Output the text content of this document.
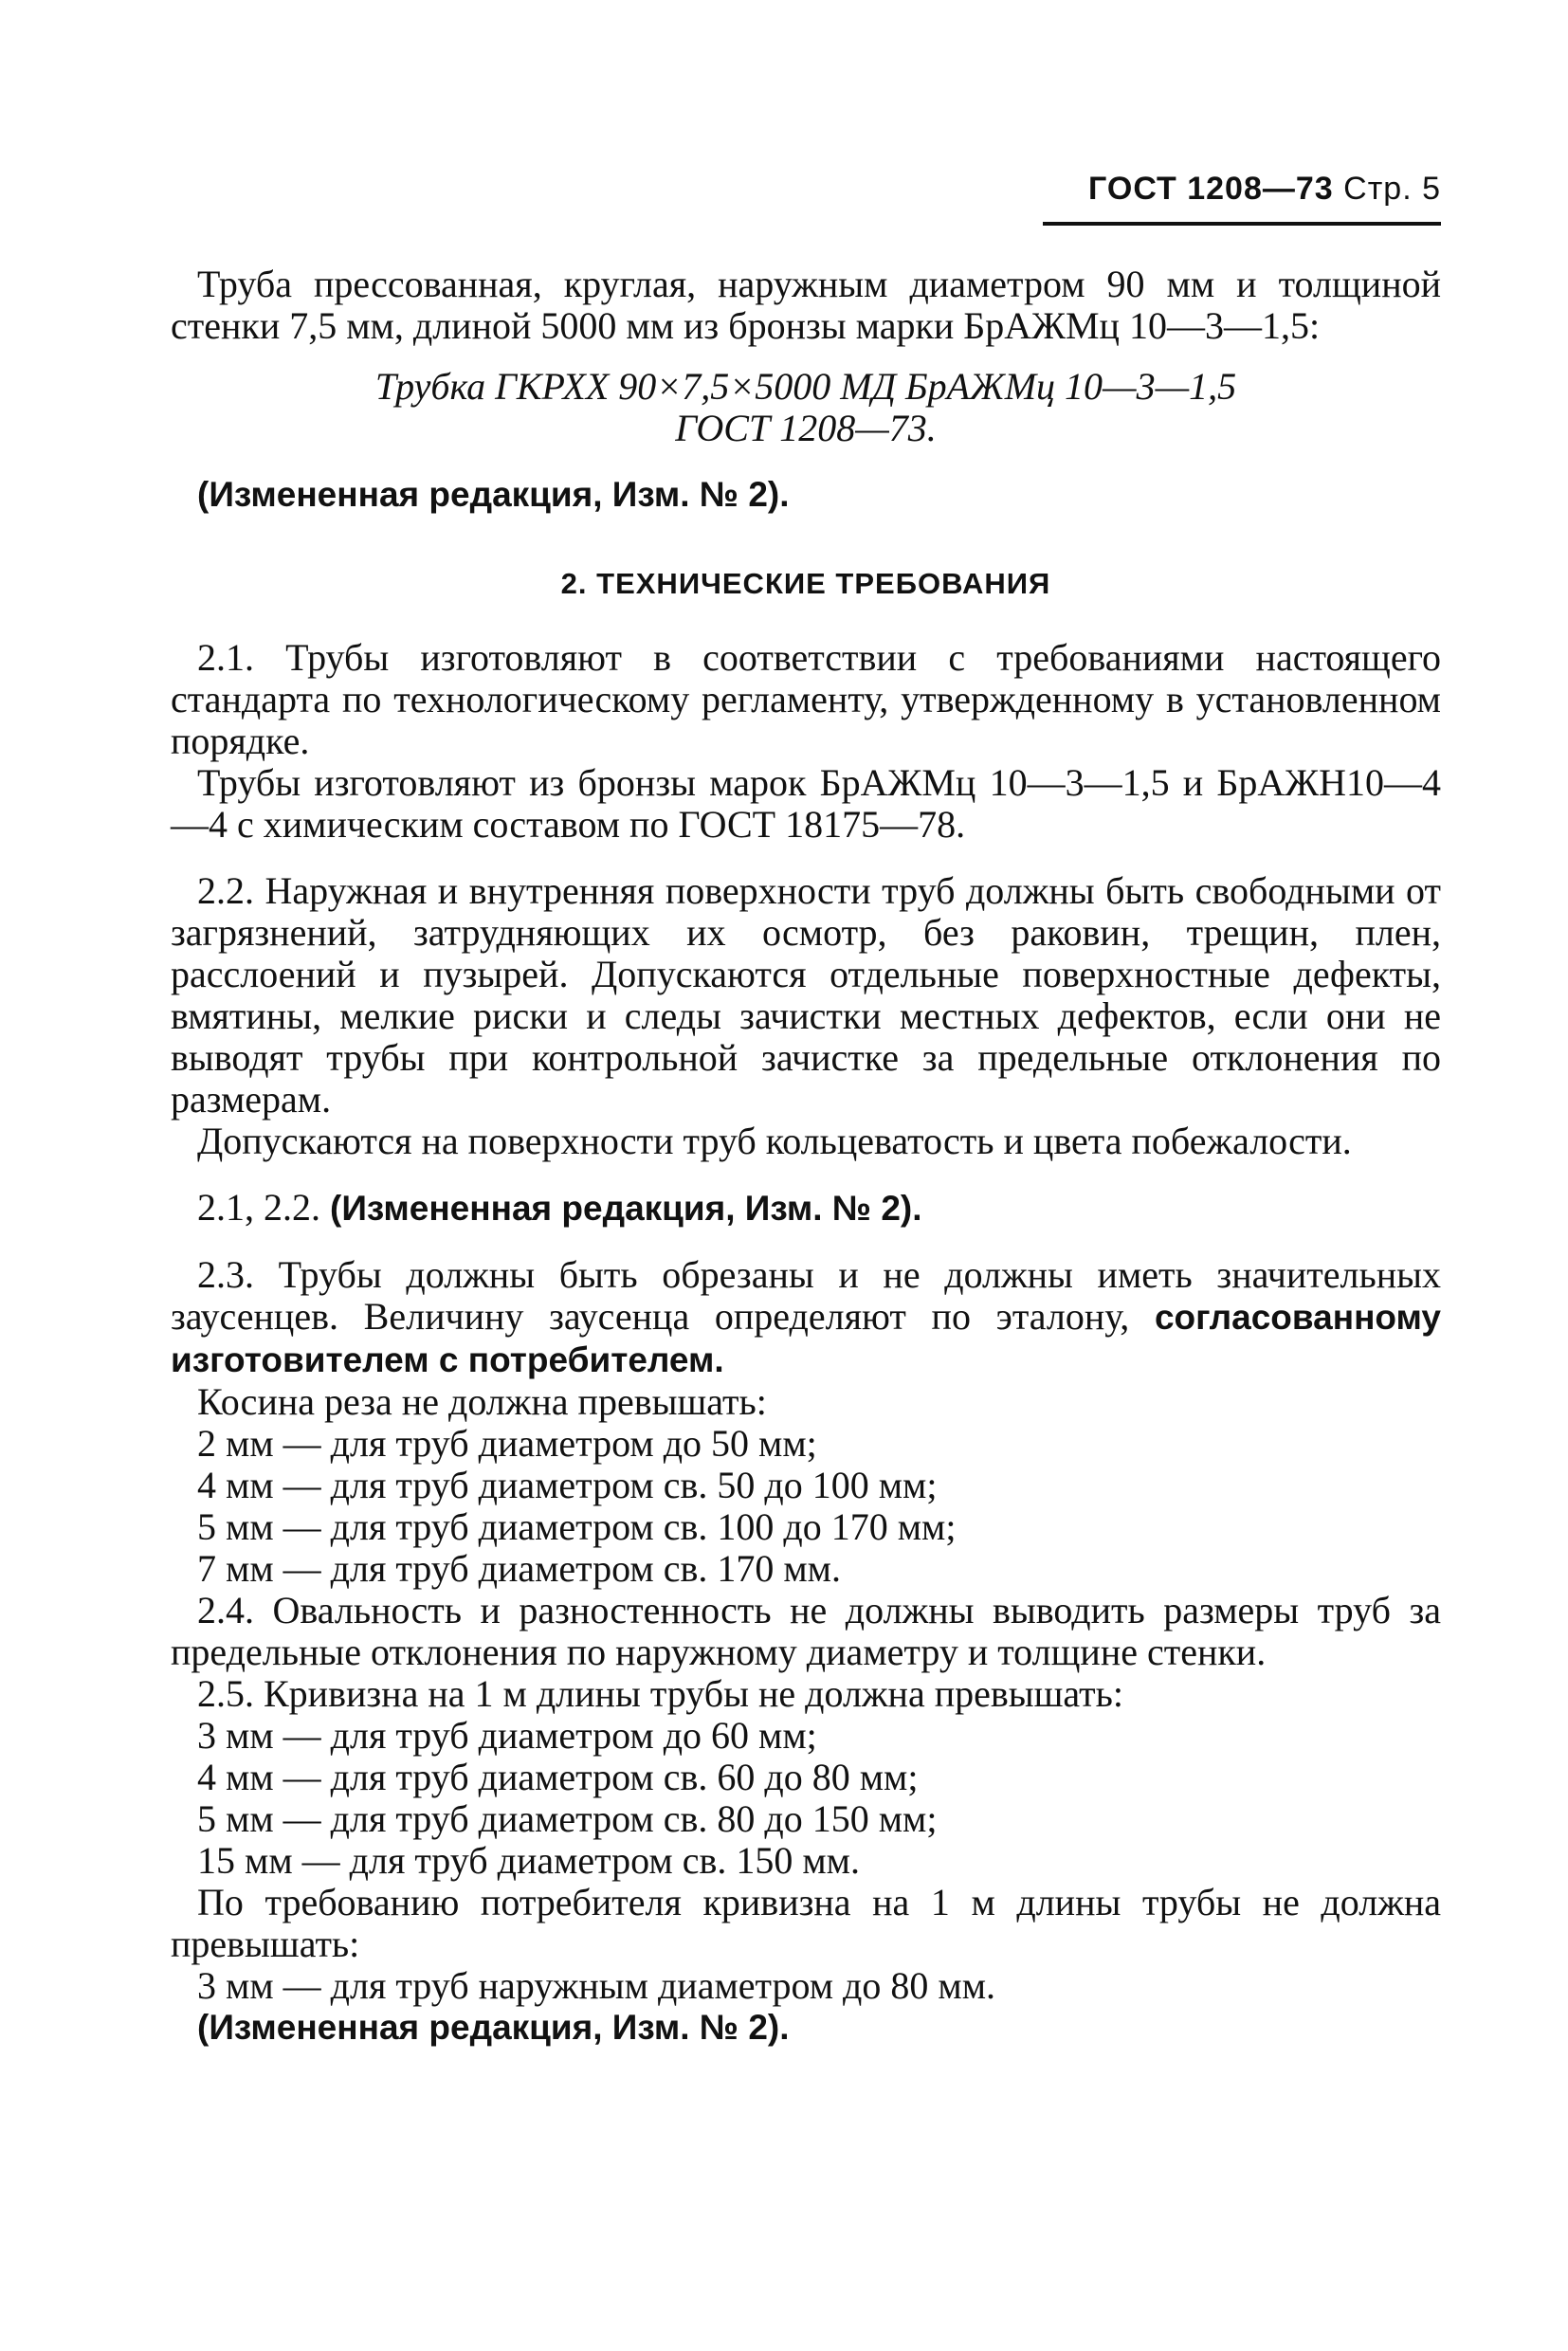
ГОСТ 1208—73 Стр. 5

Труба прессованная, круглая, наружным диаметром 90 мм и толщиной стенки 7,5 мм, длиной 5000 мм из бронзы марки БрАЖМц 10—3—1,5:

Трубка ГКРХХ 90×7,5×5000 МД БрАЖМц 10—3—1,5
ГОСТ 1208—73.

(Измененная редакция, Изм. № 2).

2. ТЕХНИЧЕСКИЕ ТРЕБОВАНИЯ

2.1. Трубы изготовляют в соответствии с требованиями настоящего стандарта по технологическому регламенту, утвержденному в установленном порядке.

Трубы изготовляют из бронзы марок БрАЖМц 10—3—1,5 и БрАЖН10—4—4 с химическим составом по ГОСТ 18175—78.

2.2. Наружная и внутренняя поверхности труб должны быть свободными от загрязнений, затрудняющих их осмотр, без раковин, трещин, плен, расслоений и пузырей. Допускаются отдельные поверхностные дефекты, вмятины, мелкие риски и следы зачистки местных дефектов, если они не выводят трубы при контрольной зачистке за предельные отклонения по размерам.

Допускаются на поверхности труб кольцеватость и цвета побежалости.

2.1, 2.2. (Измененная редакция, Изм. № 2).

2.3. Трубы должны быть обрезаны и не должны иметь значительных заусенцев. Величину заусенца определяют по эталону, согласованному изготовителем с потребителем.

Косина реза не должна превышать:

2 мм — для труб диаметром до 50 мм;

4 мм — для труб диаметром св. 50 до 100 мм;

5 мм — для труб диаметром св. 100 до 170 мм;

7 мм — для труб диаметром св. 170 мм.

2.4. Овальность и разностенность не должны выводить размеры труб за предельные отклонения по наружному диаметру и толщине стенки.

2.5. Кривизна на 1 м длины трубы не должна превышать:

3 мм — для труб диаметром до 60 мм;

4 мм — для труб диаметром св. 60 до 80 мм;

5 мм — для труб диаметром св. 80 до 150 мм;

15 мм — для труб диаметром св. 150 мм.

По требованию потребителя кривизна на 1 м длины трубы не должна превышать:

3 мм — для труб наружным диаметром до 80 мм.

(Измененная редакция, Изм. № 2).
